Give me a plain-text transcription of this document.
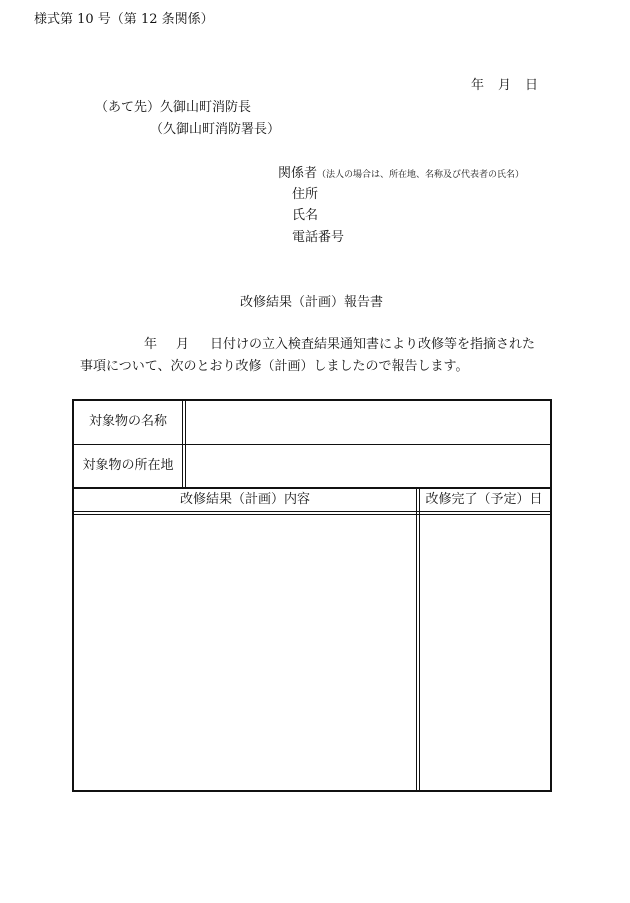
様式第 10 号（第 12 条関係）
年 月 日
（あて先）久御山町消防長
（久御山町消防署長）
関係者（法人の場合は、所在地、名称及び代表者の氏名）
住所
氏名
電話番号
改修結果（計画）報告書
年 月 日付けの立入検査結果通知書により改修等を指摘された
事項について、次のとおり改修（計画）しましたので報告します。
対象物の名称
対象物の所在地
改修結果（計画）内容	改修完了（予定）日
